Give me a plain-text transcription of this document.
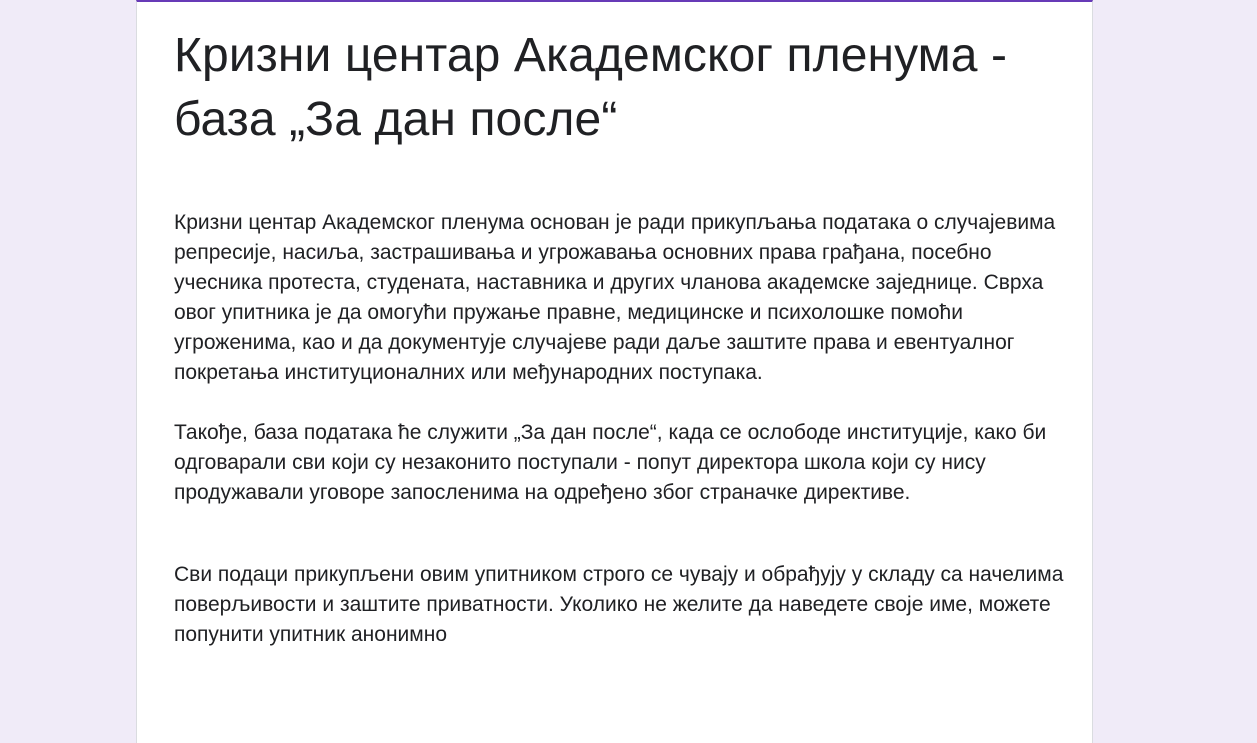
Кризни центар Академског пленума - база „За дан после“

Кризни центар Академског пленума основан је ради прикупљања података о случајевима репресије, насиља, застрашивања и угрожавања основних права грађана, посебно учесника протеста, студената, наставника и других чланова академске заједнице. Сврха овог упитника је да омогући пружање правне, медицинске и психолошке помоћи угроженима, као и да документује случајеве ради даље заштите права и евентуалног покретања институционалних или међународних поступака.

Такође, база података ће служити „За дан после“, када се ослободе институције, како би одговарали сви који су незаконито поступали - попут директора школа који су нису продужавали уговоре запосленима на одређено због страначке директиве.

Сви подаци прикупљени овим упитником строго се чувају и обрађују у складу са начелима поверљивости и заштите приватности. Уколико не желите да наведете своје име, можете попунити упитник анонимно
